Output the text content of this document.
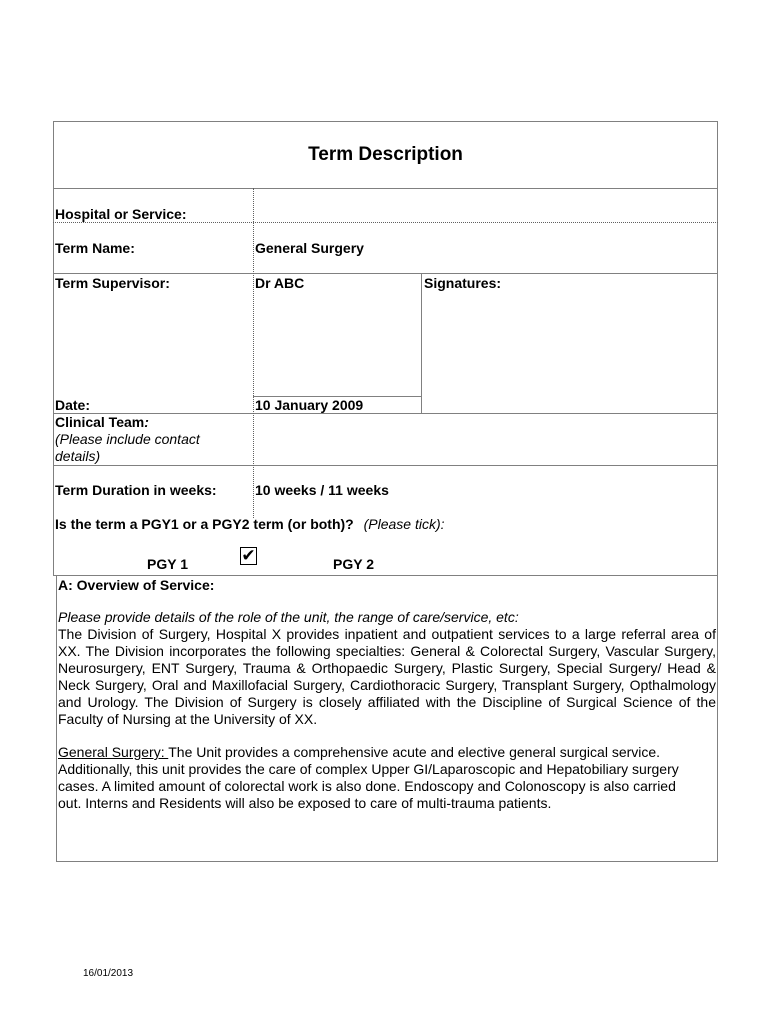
Term Description
Hospital or Service:
Term Name:	General Surgery
Term Supervisor:	Dr ABC	Signatures:
Date:	10 January 2009
Clinical Team:
(Please include contact details)
Term Duration in weeks:	10 weeks / 11 weeks
Is the term a PGY1 or a PGY2 term (or both)? (Please tick):
PGY 1	✔	PGY 2
A: Overview of Service:
Please provide details of the role of the unit, the range of care/service, etc:
The Division of Surgery, Hospital X provides inpatient and outpatient services to a large referral area of XX. The Division incorporates the following specialties: General & Colorectal Surgery, Vascular Surgery, Neurosurgery, ENT Surgery, Trauma & Orthopaedic Surgery, Plastic Surgery, Special Surgery/ Head & Neck Surgery, Oral and Maxillofacial Surgery, Cardiothoracic Surgery, Transplant Surgery, Opthalmology and Urology. The Division of Surgery is closely affiliated with the Discipline of Surgical Science of the Faculty of Nursing at the University of XX.
General Surgery: The Unit provides a comprehensive acute and elective general surgical service. Additionally, this unit provides the care of complex Upper GI/Laparoscopic and Hepatobiliary surgery cases. A limited amount of colorectal work is also done. Endoscopy and Colonoscopy is also carried out. Interns and Residents will also be exposed to care of multi-trauma patients.
16/01/2013
